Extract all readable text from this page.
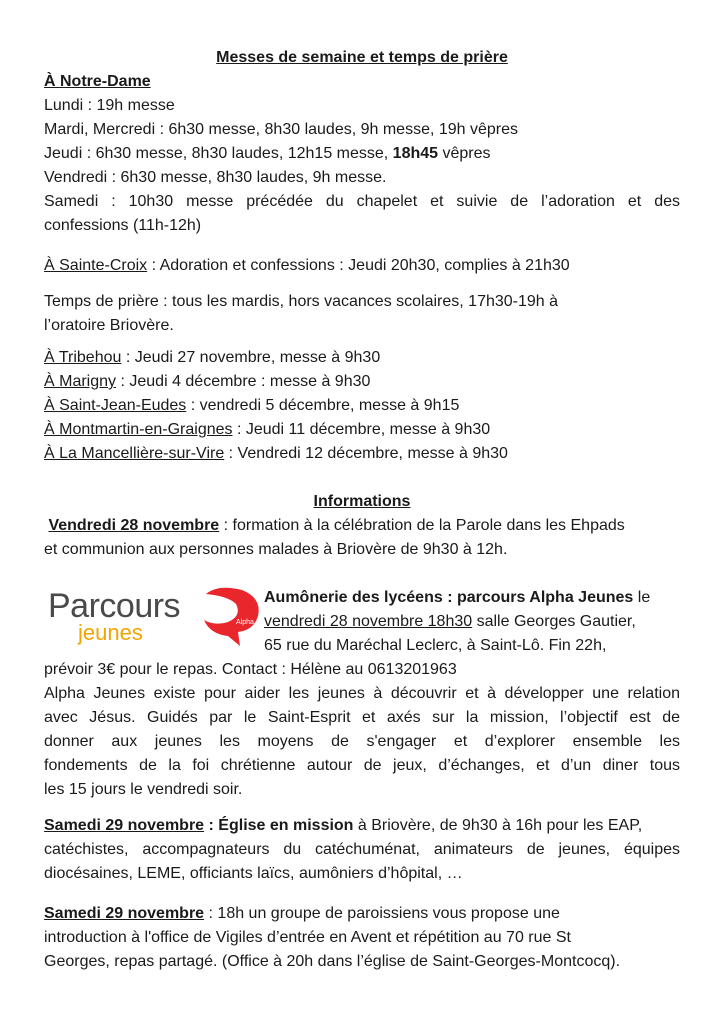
Messes de semaine et temps de prière
À Notre-Dame
Lundi : 19h messe
Mardi, Mercredi : 6h30 messe, 8h30 laudes, 9h messe, 19h vêpres
Jeudi : 6h30 messe, 8h30 laudes, 12h15 messe, 18h45 vêpres
Vendredi : 6h30 messe, 8h30 laudes, 9h messe.
Samedi : 10h30 messe précédée du chapelet et suivie de l’adoration et des
confessions (11h-12h)
À Sainte-Croix : Adoration et confessions : Jeudi 20h30, complies à 21h30
Temps de prière : tous les mardis, hors vacances scolaires, 17h30-19h à
l’oratoire Briovère.
À Tribehou : Jeudi 27 novembre, messe à 9h30
À Marigny : Jeudi 4 décembre : messe à 9h30
À Saint-Jean-Eudes : vendredi 5 décembre, messe à 9h15
À Montmartin-en-Graignes : Jeudi 11 décembre, messe à 9h30
À La Mancellière-sur-Vire : Vendredi 12 décembre, messe à 9h30
Informations
Vendredi 28 novembre : formation à la célébration de la Parole dans les Ehpads
et communion aux personnes malades à Briovère de 9h30 à 12h.
Parcours
jeunes	Alpha
Aumônerie des lycéens : parcours Alpha Jeunes le
vendredi 28 novembre 18h30 salle Georges Gautier,
65 rue du Maréchal Leclerc, à Saint-Lô. Fin 22h,
prévoir 3€ pour le repas. Contact : Hélène au 0613201963
Alpha Jeunes existe pour aider les jeunes à découvrir et à développer une relation
avec Jésus. Guidés par le Saint-Esprit et axés sur la mission, l’objectif est de
donner aux jeunes les moyens de s'engager et d’explorer ensemble les
fondements de la foi chrétienne autour de jeux, d’échanges, et d’un diner tous
les 15 jours le vendredi soir.
Samedi 29 novembre : Église en mission à Briovère, de 9h30 à 16h pour les EAP,
catéchistes, accompagnateurs du catéchuménat, animateurs de jeunes, équipes
diocésaines, LEME, officiants laïcs, aumôniers d’hôpital, …
Samedi 29 novembre : 18h un groupe de paroissiens vous propose une
introduction à l'office de Vigiles d’entrée en Avent et répétition au 70 rue St
Georges, repas partagé. (Office à 20h dans l’église de Saint-Georges-Montcocq).
